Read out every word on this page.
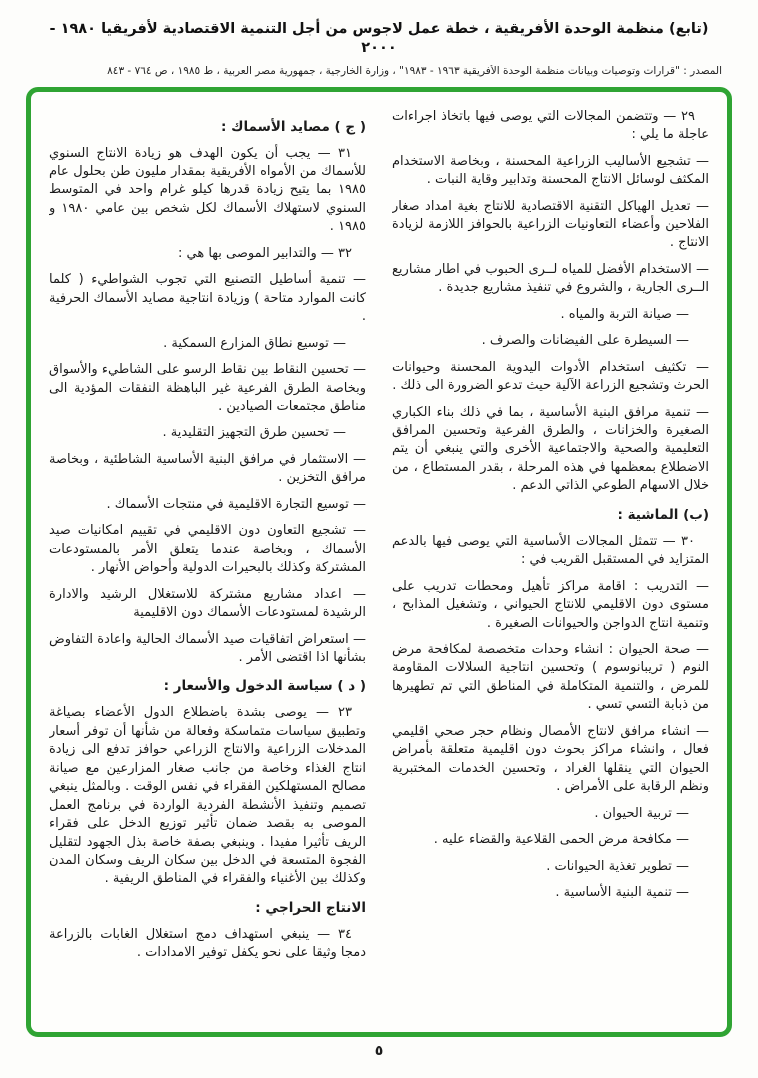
(تابع) منظمة الوحدة الأفريقية ، خطة عمل لاجوس من أجل التنمية الاقتصادية لأفريقيا ١٩٨٠ - ٢٠٠٠
المصدر : "قرارات وتوصيات وبيانات منظمة الوحدة الأفريقية ١٩٦٣ - ١٩٨٣" ، وزارة الخارجية ، جمهورية مصر العربية ، ط ١٩٨٥ ، ص ٧٦٤ - ٨٤٣
٢٩ — وتتضمن المجالات التي يوصى فيها باتخاذ اجراءات عاجلة ما يلي :
— تشجيع الأساليب الزراعية المحسنة ، وبخاصة الاستخدام المكثف لوسائل الانتاج المحسنة وتدابير وقاية النبات .
— تعديل الهياكل التقنية الاقتصادية للانتاج بغية امداد صغار الفلاحين وأعضاء التعاونيات الزراعية بالحوافز اللازمة لزيادة الانتاج .
— الاستخدام الأفضل للمياه لــرى الحبوب في اطار مشاريع الــرى الجارية ، والشروع في تنفيذ مشاريع جديدة .
— صيانة التربة والمياه .
— السيطرة على الفيضانات والصرف .
— تكثيف استخدام الأدوات اليدوية المحسنة وحيوانات الحرث وتشجيع الزراعة الآلية حيث تدعو الضرورة الى ذلك .
— تنمية مرافق البنية الأساسية ، بما في ذلك بناء الكباري الصغيرة والخزانات ، والطرق الفرعية وتحسين المرافق التعليمية والصحية والاجتماعية الأخرى والتي ينبغي أن يتم الاضطلاع بمعظمها في هذه المرحلة ، بقدر المستطاع ، من خلال الاسهام الطوعي الذاتي الدعم .
(ب) الماشية :
٣٠ — تتمثل المجالات الأساسية التي يوصى فيها بالدعم المتزايد في المستقبل القريب في :
— التدريب : اقامة مراكز تأهيل ومحطات تدريب على مستوى دون الاقليمي للانتاج الحيواني ، وتشغيل المذابح ، وتنمية انتاج الدواجن والحيوانات الصغيرة .
— صحة الحيوان : انشاء وحدات متخصصة لمكافحة مرض النوم ( تريبانوسوم ) وتحسين انتاجية السلالات المقاومة للمرض ، والتنمية المتكاملة في المناطق التي تم تطهيرها من ذبابة التسي تسي .
— انشاء مرافق لانتاج الأمصال ونظام حجر صحي اقليمي فعال ، وانشاء مراكز بحوث دون اقليمية متعلقة بأمراض الحيوان التي ينقلها الغراد ، وتحسين الخدمات المختبرية ونظم الرقابة على الأمراض .
— تربية الحيوان .
— مكافحة مرض الحمى القلاعية والقضاء عليه .
— تطوير تغذية الحيوانات .
— تنمية البنية الأساسية .
( ج ) مصايد الأسماك :
٣١ — يجب أن يكون الهدف هو زيادة الانتاج السنوي للأسماك من الأمواه الأفريقية بمقدار مليون طن بحلول عام ١٩٨٥ بما يتيح زيادة قدرها كيلو غرام واحد في المتوسط السنوي لاستهلاك الأسماك لكل شخص بين عامي ١٩٨٠ و ١٩٨٥ .
٣٢ — والتدابير الموصى بها هي :
— تنمية أساطيل التصنيع التي تجوب الشواطيء ( كلما كانت الموارد متاحة ) وزيادة انتاجية مصايد الأسماك الحرفية .
— توسيع نطاق المزارع السمكية .
— تحسين النقاط بين نقاط الرسو على الشاطيء والأسواق وبخاصة الطرق الفرعية غير الباهظة النفقات المؤدية الى مناطق مجتمعات الصيادين .
— تحسين طرق التجهيز التقليدية .
— الاستثمار في مرافق البنية الأساسية الشاطئية ، وبخاصة مرافق التخزين .
— توسيع التجارة الاقليمية في منتجات الأسماك .
— تشجيع التعاون دون الاقليمي في تقييم امكانيات صيد الأسماك ، وبخاصة عندما يتعلق الأمر بالمستودعات المشتركة وكذلك بالبحيرات الدولية وأحواض الأنهار .
— اعداد مشاريع مشتركة للاستغلال الرشيد والادارة الرشيدة لمستودعات الأسماك دون الاقليمية
— استعراض اتفاقيات صيد الأسماك الحالية واعادة التفاوض بشأنها اذا اقتضى الأمر .
( د ) سياسة الدخول والأسعار :
٢٣ — يوصى بشدة باضطلاع الدول الأعضاء بصياغة وتطبيق سياسات متماسكة وفعالة من شأنها أن توفر أسعار المدخلات الزراعية والانتاج الزراعي حوافز تدفع الى زيادة انتاج الغذاء وخاصة من جانب صغار المزارعين مع صيانة مصالح المستهلكين الفقراء في نفس الوقت . وبالمثل ينبغي تصميم وتنفيذ الأنشطة الفردية الواردة في برنامج العمل الموصى به بقصد ضمان تأثير توزيع الدخل على فقراء الريف تأثيرا مفيدا . وينبغي بصفة خاصة بذل الجهود لتقليل الفجوة المتسعة في الدخل بين سكان الريف وسكان المدن وكذلك بين الأغنياء والفقراء في المناطق الريفية .
الانتاج الحراجي :
٣٤ — ينبغي استهداف دمج استغلال الغابات بالزراعة دمجا وثيقا على نحو يكفل توفير الامدادات .
٥
